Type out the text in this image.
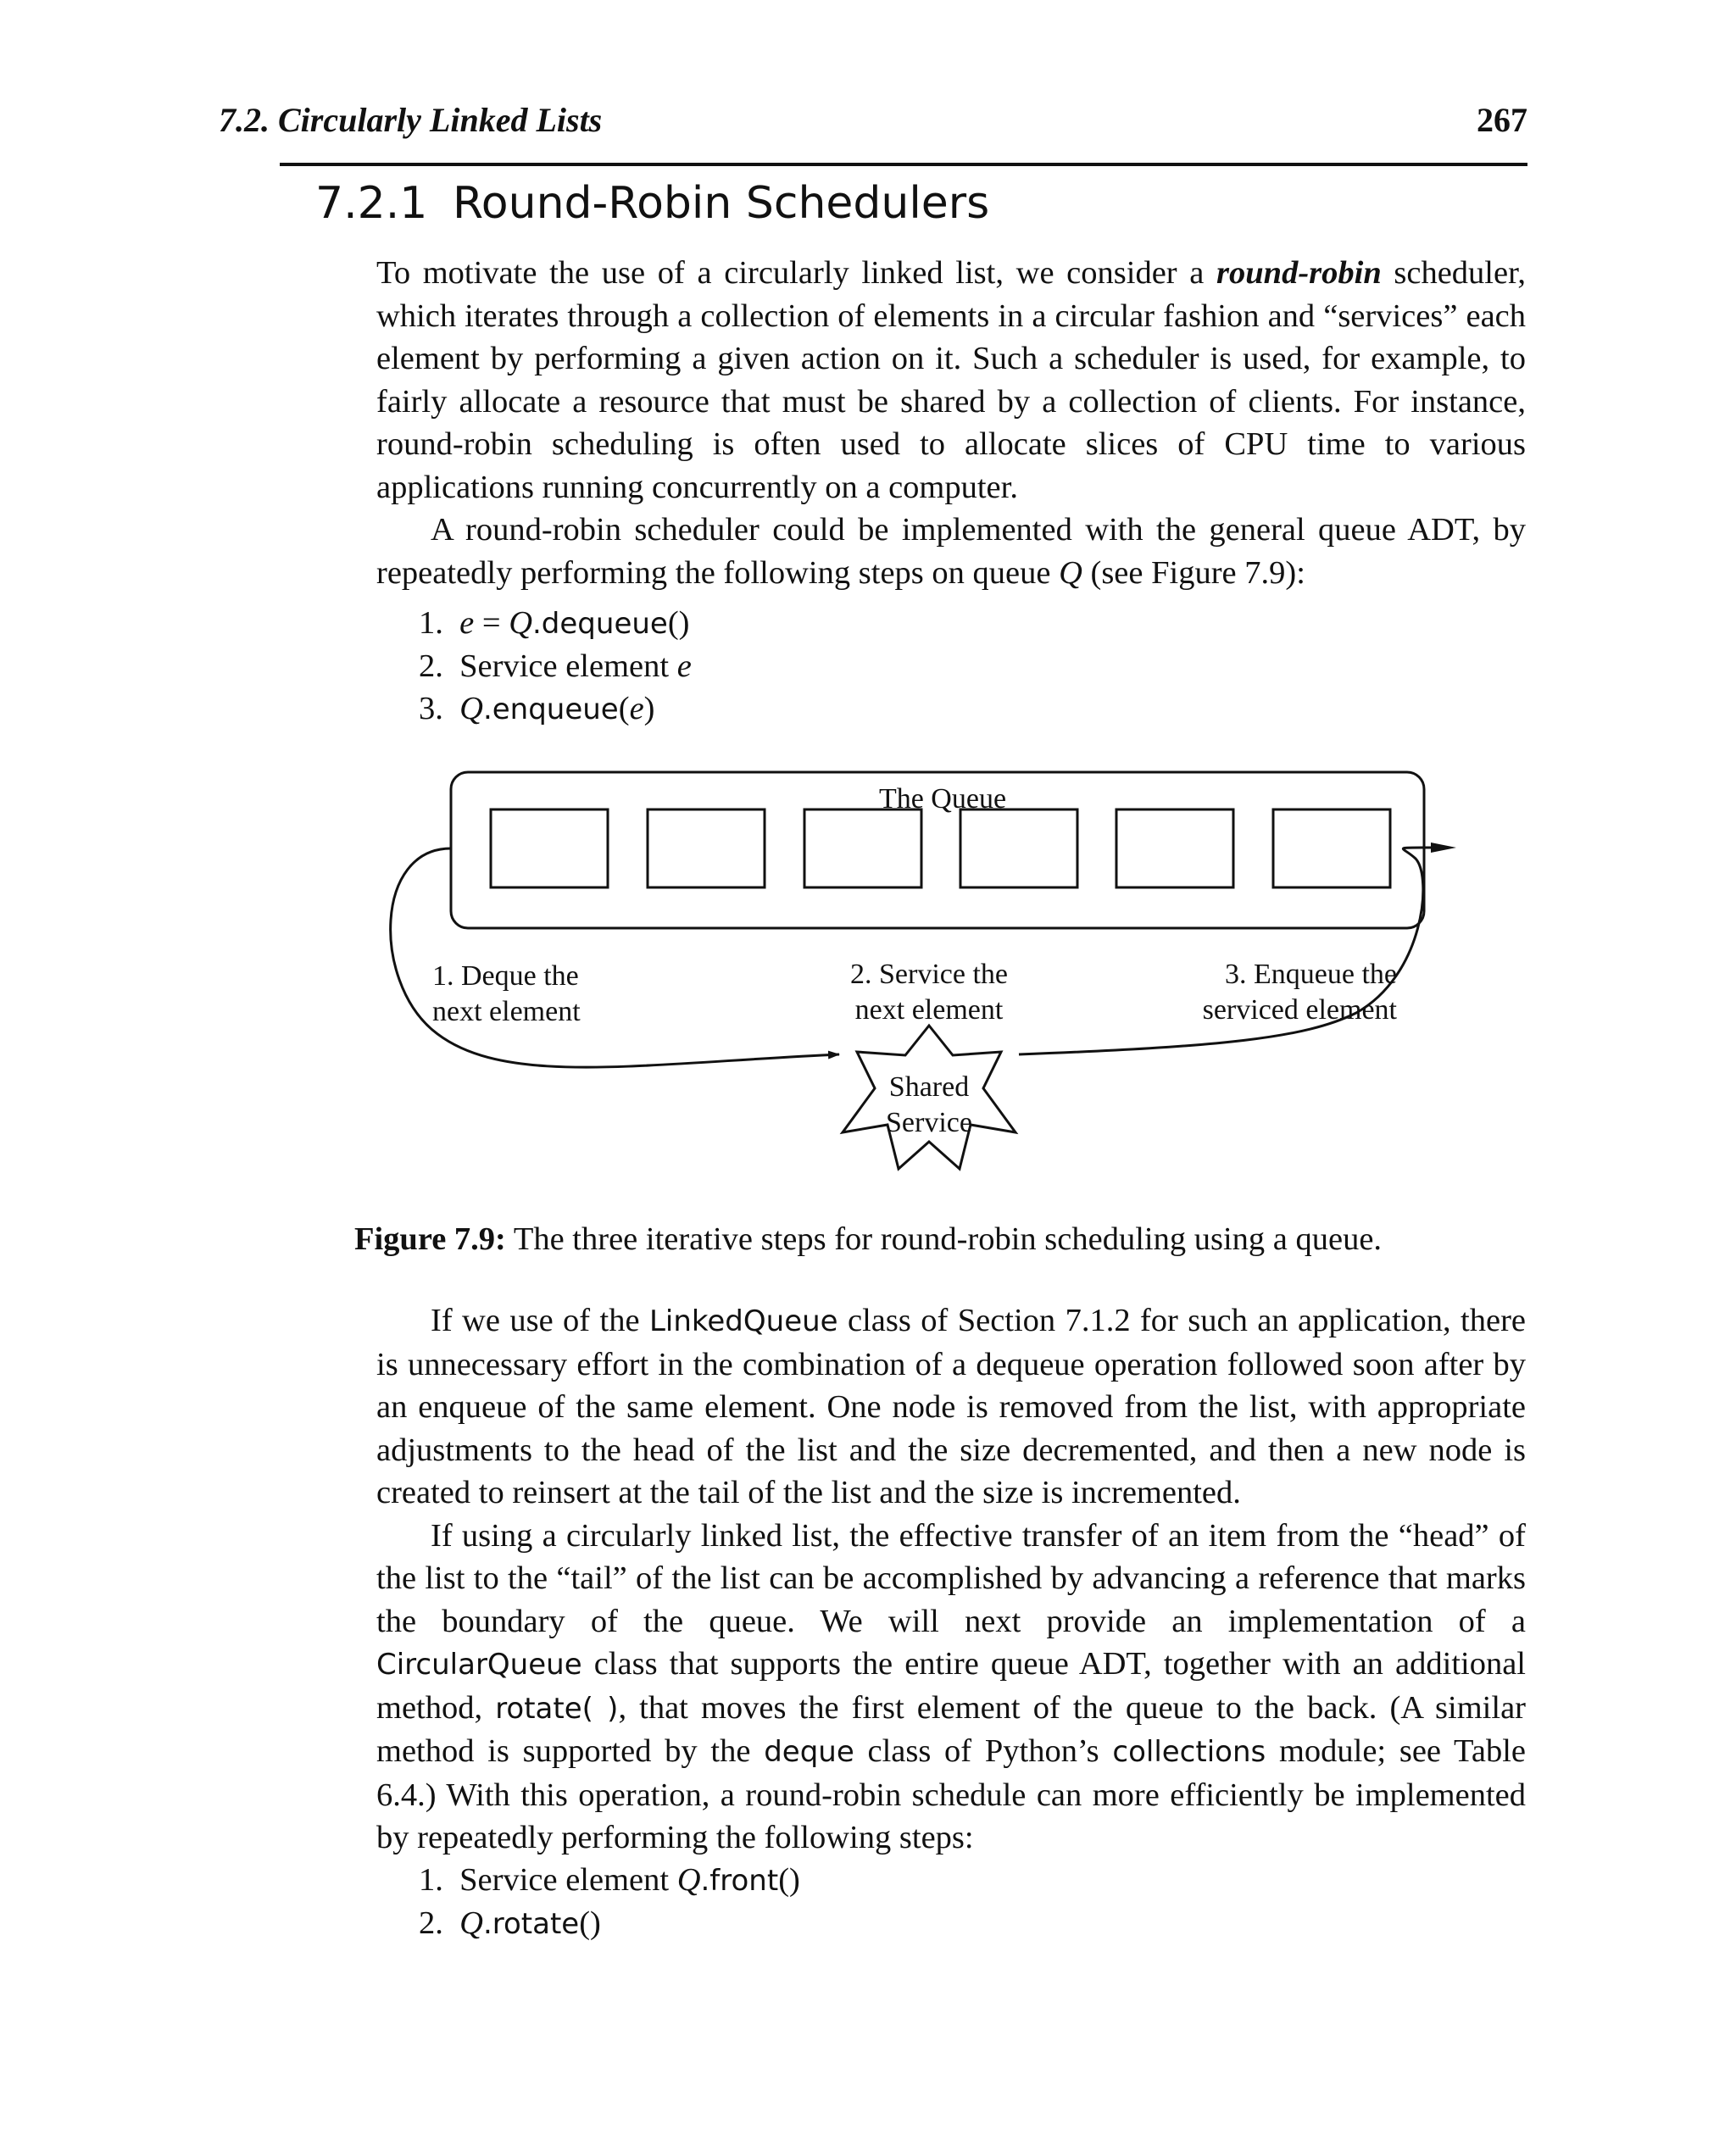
7.2. Circularly Linked Lists	267
7.2.1 Round-Robin Schedulers

To motivate the use of a circularly linked list, we consider a round-robin scheduler, which iterates through a collection of elements in a circular fashion and “services” each element by performing a given action on it. Such a scheduler is used, for example, to fairly allocate a resource that must be shared by a collection of clients. For instance, round-robin scheduling is often used to allocate slices of CPU time to various applications running concurrently on a computer.

A round-robin scheduler could be implemented with the general queue ADT, by repeatedly performing the following steps on queue Q (see Figure 7.9):

1. e = Q.dequeue()
2. Service element e
3. Q.enqueue(e)
The Queue
1. Deque the
next element
2. Service the
next element
3. Enqueue the
serviced element
Shared
Service
Figure 7.9: The three iterative steps for round-robin scheduling using a queue.

If we use of the LinkedQueue class of Section 7.1.2 for such an application, there is unnecessary effort in the combination of a dequeue operation followed soon after by an enqueue of the same element. One node is removed from the list, with appropriate adjustments to the head of the list and the size decremented, and then a new node is created to reinsert at the tail of the list and the size is incremented.

If using a circularly linked list, the effective transfer of an item from the “head” of the list to the “tail” of the list can be accomplished by advancing a reference that marks the boundary of the queue. We will next provide an implementation of a CircularQueue class that supports the entire queue ADT, together with an additional method, rotate( ), that moves the first element of the queue to the back. (A similar method is supported by the deque class of Python’s collections module; see Table 6.4.) With this operation, a round-robin schedule can more efficiently be implemented by repeatedly performing the following steps:

1. Service element Q.front()
2. Q.rotate()
